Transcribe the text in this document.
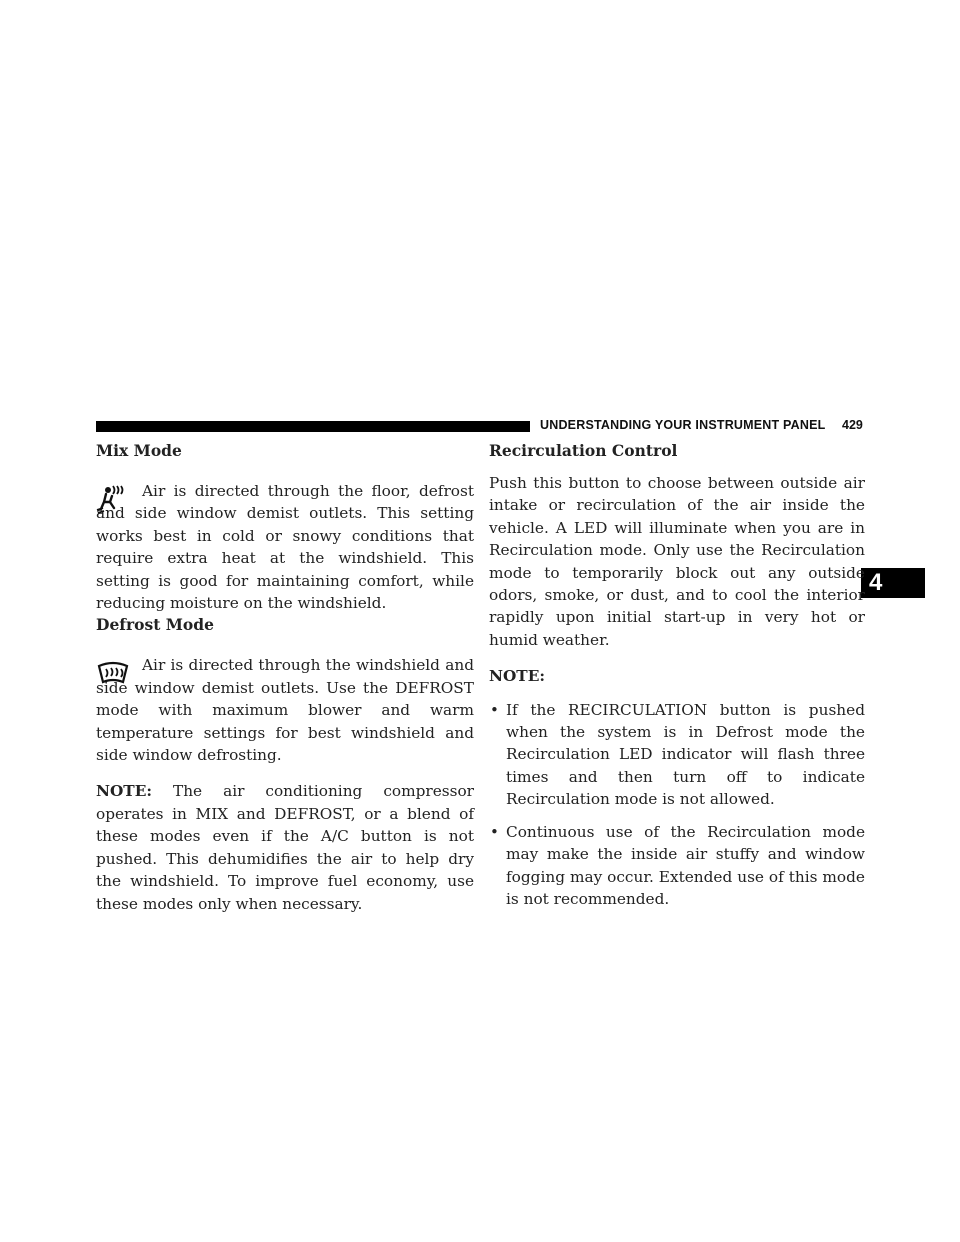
UNDERSTANDING YOUR INSTRUMENT PANEL 429
4
Mix Mode

Air is directed through the floor, defrost and side window demist outlets. This setting works best in cold or snowy conditions that require extra heat at the windshield. This setting is good for maintaining comfort, while reducing moisture on the windshield.

Defrost Mode

Air is directed through the windshield and side window demist outlets. Use the DEFROST mode with maximum blower and warm temperature settings for best windshield and side window defrosting.

NOTE: The air conditioning compressor operates in MIX and DEFROST, or a blend of these modes even if the A/C button is not pushed. This dehumidifies the air to help dry the windshield. To improve fuel economy, use these modes only when necessary.

Recirculation Control

Push this button to choose between outside air intake or recirculation of the air inside the vehicle. A LED will illuminate when you are in Recirculation mode. Only use the Recirculation mode to temporarily block out any outside odors, smoke, or dust, and to cool the interior rapidly upon initial start-up in very hot or humid weather.

NOTE:

• If the RECIRCULATION button is pushed when the system is in Defrost mode the Recirculation LED indicator will flash three times and then turn off to indicate Recirculation mode is not allowed.
• Continuous use of the Recirculation mode may make the inside air stuffy and window fogging may occur. Extended use of this mode is not recommended.
